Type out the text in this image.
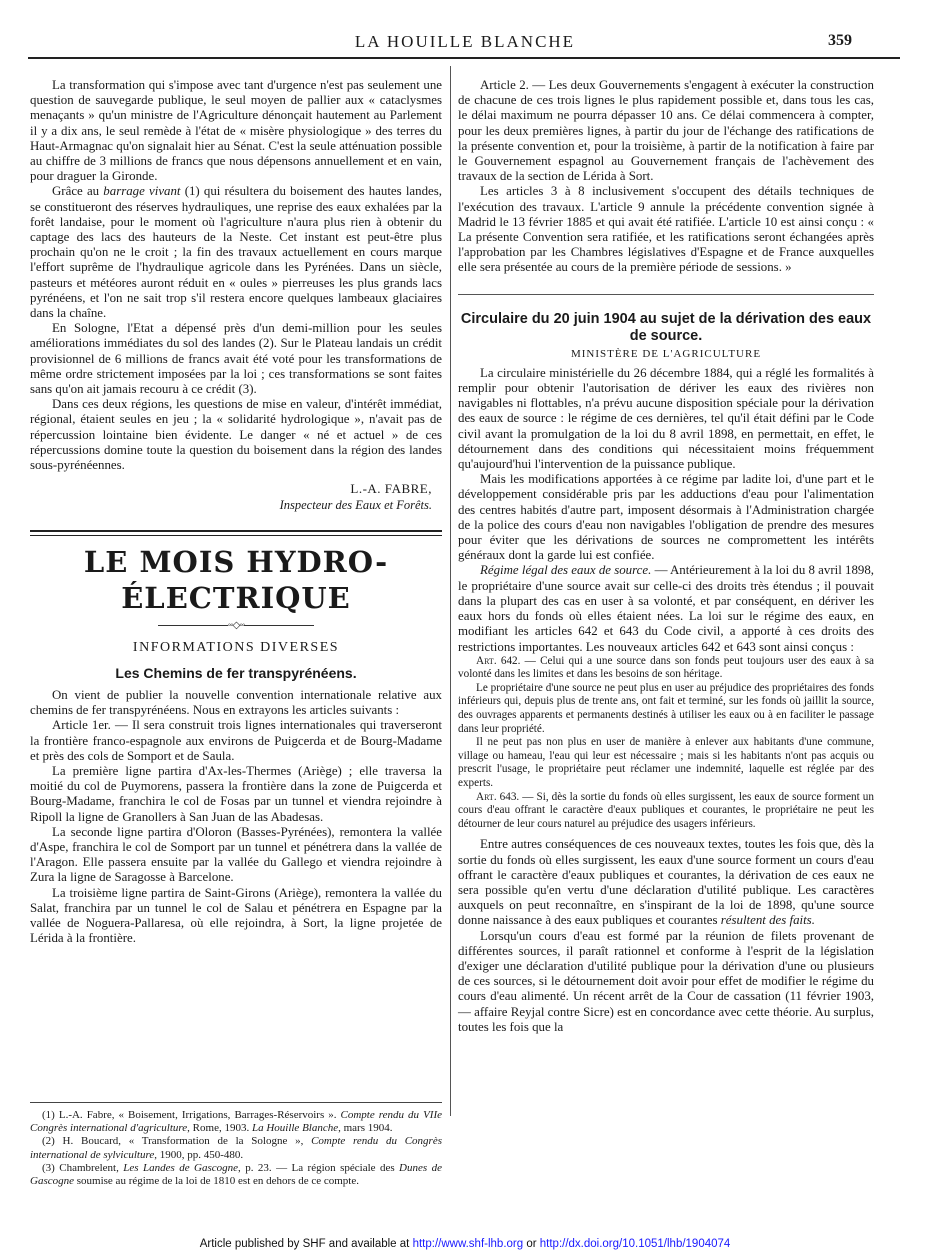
LA HOUILLE BLANCHE	359

La transformation qui s'impose avec tant d'urgence n'est pas seulement une question de sauvegarde publique, le seul moyen de pallier aux « cataclysmes menaçants » qu'un ministre de l'Agriculture dénonçait hautement au Parlement il y a dix ans, le seul remède à l'état de « misère physiologique » des terres du Haut-Armagnac qu'on signalait hier au Sénat. C'est la seule atténuation possible au chiffre de 3 millions de francs que nous dépensons annuellement et en vain, pour draguer la Gironde.

Grâce au barrage vivant (1) qui résultera du boisement des hautes landes, se constitueront des réserves hydrauliques, une reprise des eaux exhalées par la forêt landaise, pour le moment où l'agriculture n'aura plus rien à obtenir du captage des lacs des hauteurs de la Neste. Cet instant est peut-être plus prochain qu'on ne le croit ; la fin des travaux actuellement en cours marque l'effort suprême de l'hydraulique agricole dans les Pyrénées. Dans un siècle, pasteurs et météores auront réduit en « oules » pierreuses les plus grands lacs pyrénéens, et l'on ne sait trop s'il restera encore quelques lambeaux glaciaires dans la chaîne.

En Sologne, l'Etat a dépensé près d'un demi-million pour les seules améliorations immédiates du sol des landes (2). Sur le Plateau landais un crédit provisionnel de 6 millions de francs avait été voté pour les transformations de même ordre strictement imposées par la loi ; ces transformations se sont faites sans qu'on ait jamais recouru à ce crédit (3).

Dans ces deux régions, les questions de mise en valeur, d'intérêt immédiat, régional, étaient seules en jeu ; la « solidarité hydrologique », n'avait pas de répercussion lointaine bien évidente. Le danger « né et actuel » de ces répercussions domine toute la question du boisement dans la région des landes sous-pyrénéennes.

L.-A. FABRE,
Inspecteur des Eaux et Forêts.
LE MOIS HYDRO-ÉLECTRIQUE
◦◦◇◦◦
INFORMATIONS DIVERSES
Les Chemins de fer transpyrénéens.

On vient de publier la nouvelle convention internationale relative aux chemins de fer transpyrénéens. Nous en extrayons les articles suivants :

Article 1er. — Il sera construit trois lignes internationales qui traverseront la frontière franco-espagnole aux environs de Puigcerda et de Bourg-Madame et près des cols de Somport et de Saula.

La première ligne partira d'Ax-les-Thermes (Ariège) ; elle traversa la moitié du col de Puymorens, passera la frontière dans la zone de Puigcerda et Bourg-Madame, franchira le col de Fosas par un tunnel et viendra rejoindre à Ripoll la ligne de Granollers à San Juan de las Abadesas.

La seconde ligne partira d'Oloron (Basses-Pyrénées), remontera la vallée d'Aspe, franchira le col de Somport par un tunnel et pénétrera dans la vallée de l'Aragon. Elle passera ensuite par la vallée du Gallego et viendra rejoindre à Zura la ligne de Saragosse à Barcelone.

La troisième ligne partira de Saint-Girons (Ariège), remontera la vallée du Salat, franchira par un tunnel le col de Salau et pénétrera en Espagne par la vallée de Noguera-Pallaresa, où elle rejoindra, à Sort, la ligne projetée de Lérida à la frontière.

(1) L.-A. Fabre, « Boisement, Irrigations, Barrages-Réservoirs ». Compte rendu du VIIe Congrès international d'agriculture, Rome, 1903. La Houille Blanche, mars 1904.

(2) H. Boucard, « Transformation de la Sologne », Compte rendu du Congrès international de sylviculture, 1900, pp. 450-480.

(3) Chambrelent, Les Landes de Gascogne, p. 23. — La région spéciale des Dunes de Gascogne soumise au régime de la loi de 1810 est en dehors de ce compte.

Article 2. — Les deux Gouvernements s'engagent à exécuter la construction de chacune de ces trois lignes le plus rapidement possible et, dans tous les cas, le délai maximum ne pourra dépasser 10 ans. Ce délai commencera à compter, pour les deux premières lignes, à partir du jour de l'échange des ratifications de la présente convention et, pour la troisième, à partir de la notification à faire par le Gouvernement espagnol au Gouvernement français de l'achèvement des travaux de la section de Lérida à Sort.

Les articles 3 à 8 inclusivement s'occupent des détails techniques de l'exécution des travaux. L'article 9 annule la précédente convention signée à Madrid le 13 février 1885 et qui avait été ratifiée. L'article 10 est ainsi conçu : « La présente Convention sera ratifiée, et les ratifications seront échangées après l'approbation par les Chambres législatives d'Espagne et de France auxquelles elle sera présentée au cours de la première période de sessions. »

Circulaire du 20 juin 1904 au sujet de la dérivation des eaux de source.
MINISTÈRE DE L'AGRICULTURE

La circulaire ministérielle du 26 décembre 1884, qui a réglé les formalités à remplir pour obtenir l'autorisation de dériver les eaux des rivières non navigables ni flottables, n'a prévu aucune disposition spéciale pour la dérivation des eaux de source : le régime de ces dernières, tel qu'il était défini par le Code civil avant la promulgation de la loi du 8 avril 1898, en permettait, en effet, le détournement dans des conditions qui nécessitaient moins fréquemment qu'aujourd'hui l'intervention de la puissance publique.

Mais les modifications apportées à ce régime par ladite loi, d'une part et le développement considérable pris par les adductions d'eau pour l'alimentation des centres habités d'autre part, imposent désormais à l'Administration chargée de la police des cours d'eau non navigables l'obligation de prendre des mesures pour éviter que les dérivations de sources ne compromettent les intérêts généraux dont la garde lui est confiée.

Régime légal des eaux de source. — Antérieurement à la loi du 8 avril 1898, le propriétaire d'une source avait sur celle-ci des droits très étendus ; il pouvait dans la plupart des cas en user à sa volonté, et par conséquent, en dériver les eaux hors du fonds où elles étaient nées. La loi sur le régime des eaux, en modifiant les articles 642 et 643 du Code civil, a apporté à ces droits des restrictions importantes. Les nouveaux articles 642 et 643 sont ainsi conçus :

Art. 642. — Celui qui a une source dans son fonds peut toujours user des eaux à sa volonté dans les limites et dans les besoins de son héritage.

Le propriétaire d'une source ne peut plus en user au préjudice des propriétaires des fonds inférieurs qui, depuis plus de trente ans, ont fait et terminé, sur les fonds où jaillit la source, des ouvrages apparents et permanents destinés à utiliser les eaux ou à en faciliter le passage dans leur propriété.

Il ne peut pas non plus en user de manière à enlever aux habitants d'une commune, village ou hameau, l'eau qui leur est nécessaire ; mais si les habitants n'ont pas acquis ou prescrit l'usage, le propriétaire peut réclamer une indemnité, laquelle est réglée par des experts.

Art. 643. — Si, dès la sortie du fonds où elles surgissent, les eaux de source forment un cours d'eau offrant le caractère d'eaux publiques et courantes, le propriétaire ne peut les détourner de leur cours naturel au préjudice des usagers inférieurs.

Entre autres conséquences de ces nouveaux textes, toutes les fois que, dès la sortie du fonds où elles surgissent, les eaux d'une source forment un cours d'eau offrant le caractère d'eaux publiques et courantes, la dérivation de ces eaux ne sera possible qu'en vertu d'une déclaration d'utilité publique. Les caractères auxquels on peut reconnaître, en s'inspirant de la loi de 1898, qu'une source donne naissance à des eaux publiques et courantes résultent des faits.

Lorsqu'un cours d'eau est formé par la réunion de filets provenant de différentes sources, il paraît rationnel et conforme à l'esprit de la législation d'exiger une déclaration d'utilité publique pour la dérivation d'une ou plusieurs de ces sources, si le détournement doit avoir pour effet de modifier le régime du cours d'eau alimenté. Un récent arrêt de la Cour de cassation (11 février 1903, — affaire Reyjal contre Sicre) est en concordance avec cette théorie. Au surplus, toutes les fois que la

Article published by SHF and available at http://www.shf-lhb.org or http://dx.doi.org/10.1051/lhb/1904074
